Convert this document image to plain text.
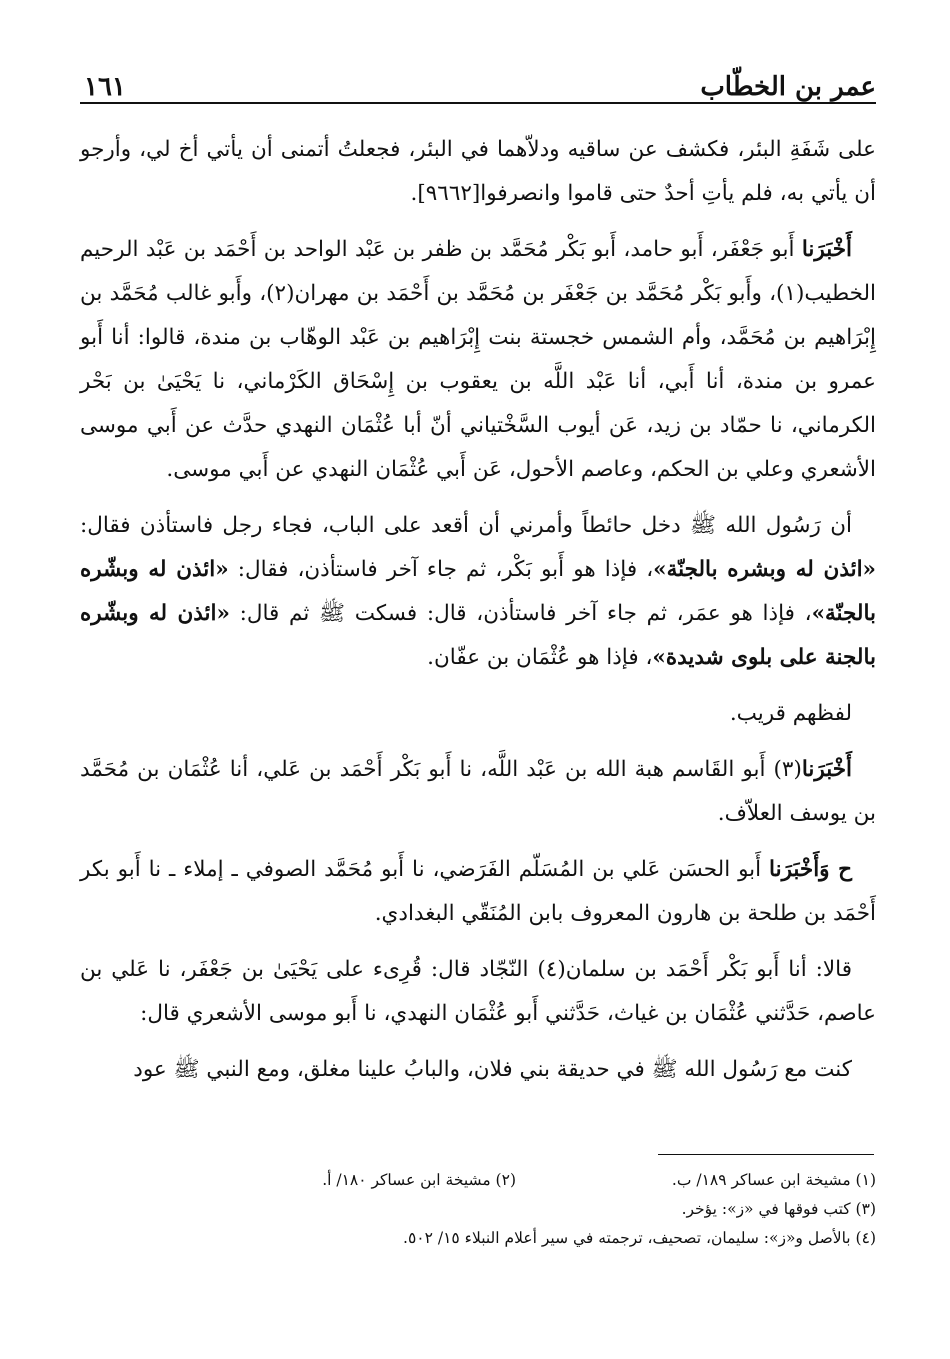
عمر بن الخطّاب
١٦١

على شَفَةِ البئر، فكشف عن ساقيه ودلاّهما في البئر، فجعلتُ أتمنى أن يأتي أخ لي، وأرجو أن يأتي به، فلم يأتِ أحدٌ حتى قاموا وانصرفوا[٩٦٦٢].

أَخْبَرَنا أَبو جَعْفَر، أَبو حامد، أَبو بَكْر مُحَمَّد بن ظفر بن عَبْد الواحد بن أَحْمَد بن عَبْد الرحيم الخطيب(١)، وأَبو بَكْر مُحَمَّد بن جَعْفَر بن مُحَمَّد بن أَحْمَد بن مهران(٢)، وأَبو غالب مُحَمَّد بن إِبْرَاهيم بن مُحَمَّد، وأم الشمس خجستة بنت إِبْرَاهيم بن عَبْد الوهّاب بن مندة، قالوا: أنا أَبو عمرو بن مندة، أنا أَبي، أنا عَبْد اللَّه بن يعقوب بن إِسْحَاق الكَرْماني، نا يَحْيَىٰ بن بَحْر الكرماني، نا حمّاد بن زيد، عَن أيوب السَّخْتياني أنّ أبا عُثْمَان النهدي حدَّث عن أَبي موسى الأشعري وعلي بن الحكم، وعاصم الأحول، عَن أَبي عُثْمَان النهدي عن أَبي موسى.

أن رَسُول الله ﷺ دخل حائطاً وأمرني أن أقعد على الباب، فجاء رجل فاستأذن فقال: «ائذن له وبشره بالجنّة»، فإذا هو أَبو بَكْر، ثم جاء آخر فاستأذن، فقال: «ائذن له وبشّره بالجنّة»، فإذا هو عمَر، ثم جاء آخر فاستأذن، قال: فسكت ﷺ ثم قال: «ائذن له وبشّره بالجنة على بلوى شديدة»، فإذا هو عُثْمَان بن عفّان.

لفظهم قريب.

أَخْبَرَنا(٣) أَبو القَاسم هبة الله بن عَبْد اللَّه، نا أَبو بَكْر أَحْمَد بن عَلي، أنا عُثْمَان بن مُحَمَّد بن يوسف العلاّف.

ح وَأَخْبَرَنا أَبو الحسَن عَلي بن المُسَلّم الفَرَضي، نا أَبو مُحَمَّد الصوفي ـ إملاء ـ نا أَبو بكر أَحْمَد بن طلحة بن هارون المعروف بابن المُنَقّي البغدادي.

قالا: أنا أَبو بَكْر أَحْمَد بن سلمان(٤) النّجّاد قال: قُرِىء على يَحْيَىٰ بن جَعْفَر، نا عَلي بن عاصم، حَدَّثني عُثْمَان بن غياث، حَدَّثني أَبو عُثْمَان النهدي، نا أَبو موسى الأشعري قال:

كنت مع رَسُول الله ﷺ في حديقة بني فلان، والبابُ علينا مغلق، ومع النبي ﷺ عود

(١) مشيخة ابن عساكر ١٨٩/ ب.
(٢) مشيخة ابن عساكر ١٨٠/ أ.
(٣) كتب فوقها في «ز»: يؤخر.
(٤) بالأصل و«ز»: سليمان، تصحيف، ترجمته في سير أعلام النبلاء ١٥/ ٥٠٢.
